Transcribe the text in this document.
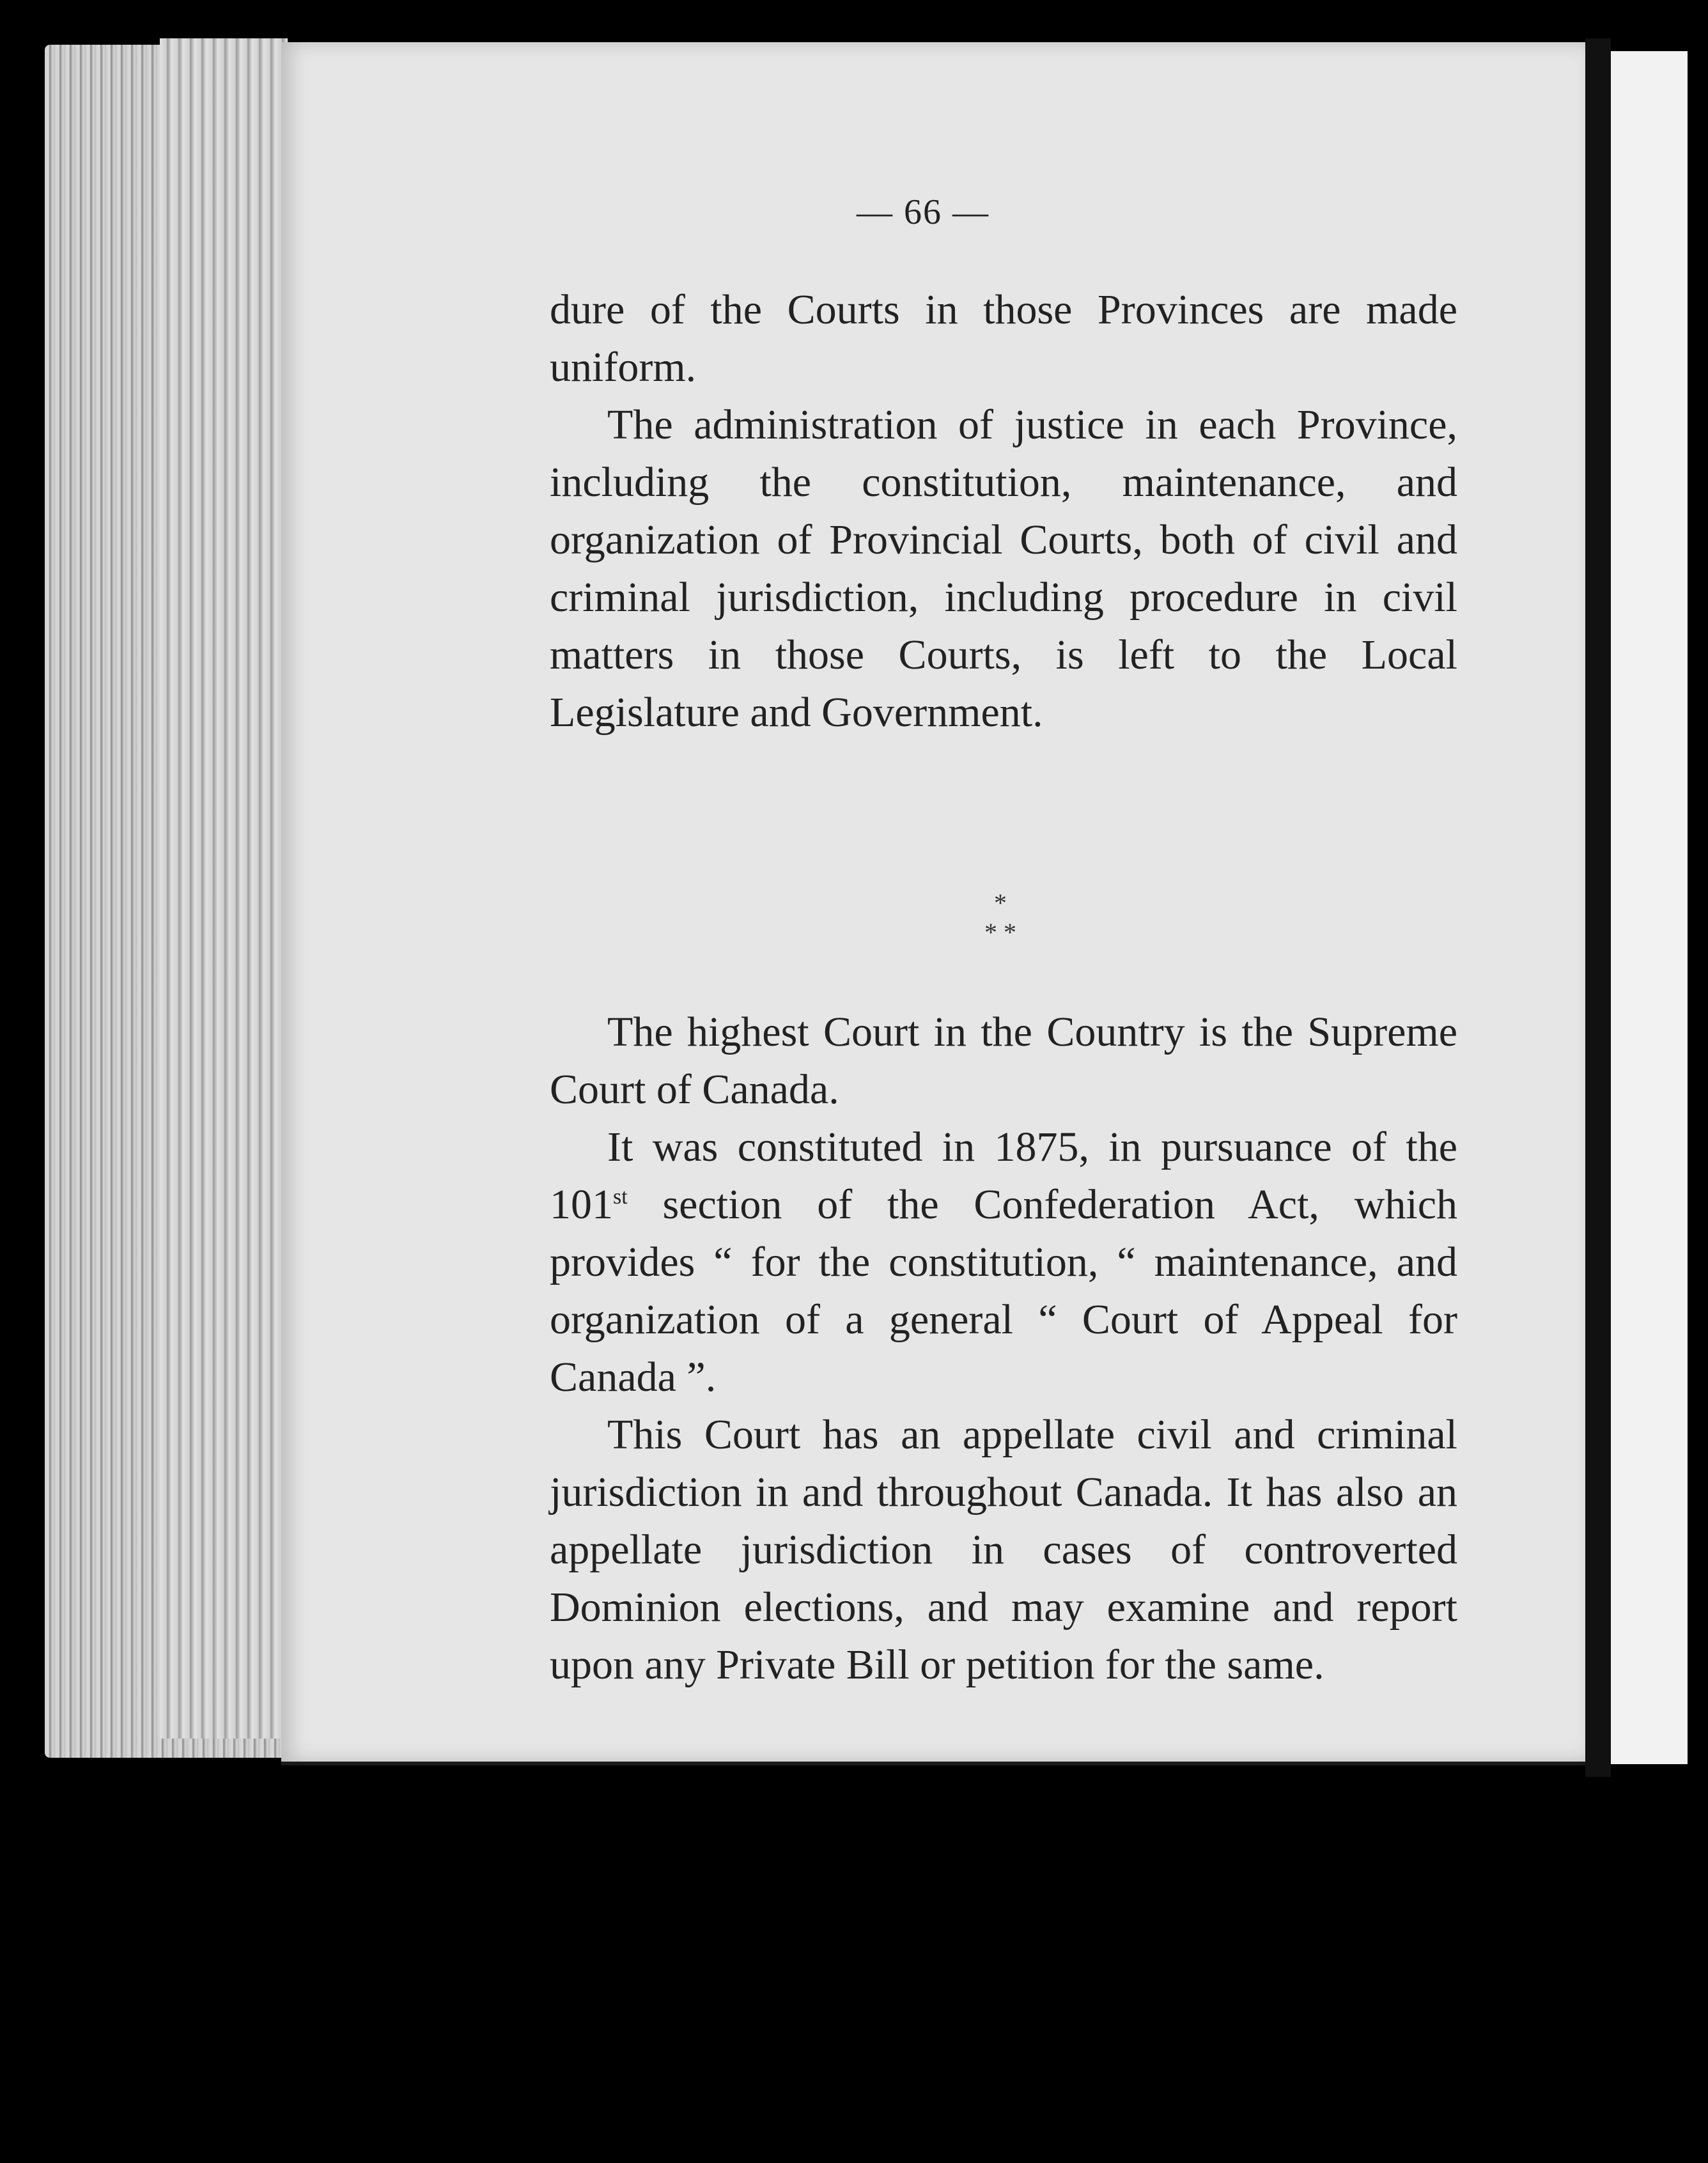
— 66 —

dure of the Courts in those Provinces are made uniform.

The administration of justice in each Province, including the constitution, maintenance, and organization of Provincial Courts, both of civil and criminal jurisdiction, including procedure in civil matters in those Courts, is left to the Local Legislature and Government.

*
* *

The highest Court in the Country is the Supreme Court of Canada.

It was constituted in 1875, in pursuance of the 101st section of the Confederation Act, which provides “ for the constitution, “ maintenance, and organization of a general “ Court of Appeal for Canada ”.

This Court has an appellate civil and criminal jurisdiction in and throughout Canada. It has also an appellate jurisdiction in cases of controverted Dominion elections, and may examine and report upon any Private Bill or petition for the same.
